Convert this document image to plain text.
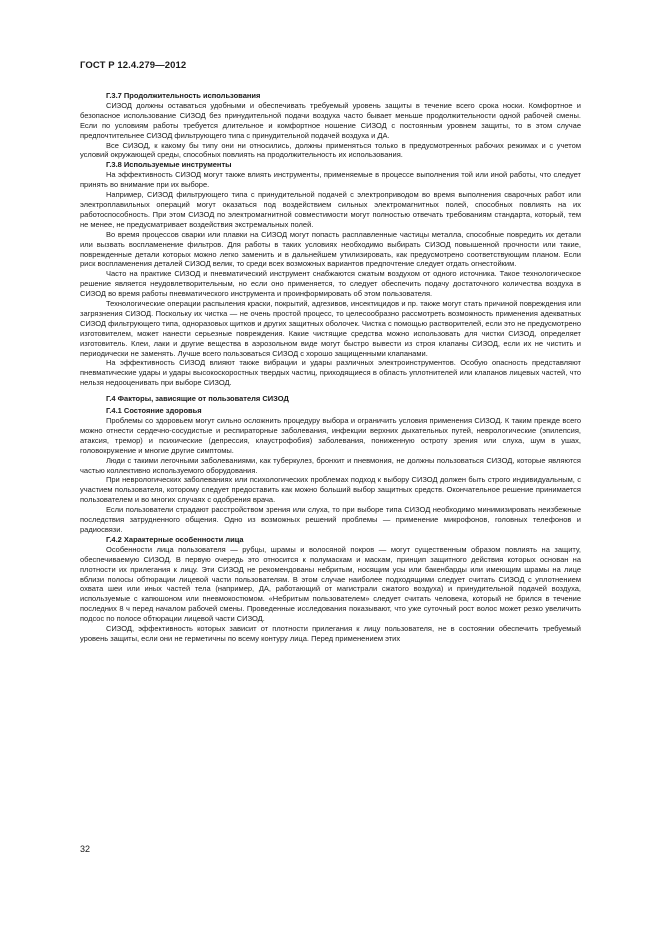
ГОСТ Р 12.4.279—2012

Г.3.7 Продолжительность использования

СИЗОД должны оставаться удобными и обеспечивать требуемый уровень защиты в течение всего срока носки. Комфортное и безопасное использование СИЗОД без принудительной подачи воздуха часто бывает меньше продолжительности одной рабочей смены. Если по условиям работы требуется длительное и комфортное ношение СИЗОД с постоянным уровнем защиты, то в этом случае предпочтительнее СИЗОД фильтрующего типа с принудительной подачей воздуха и ДА.

Все СИЗОД, к какому бы типу они ни относились, должны применяться только в предусмотренных рабочих режимах и с учетом условий окружающей среды, способных повлиять на продолжительность их использования.

Г.3.8 Используемые инструменты

На эффективность СИЗОД могут также влиять инструменты, применяемые в процессе выполнения той или иной работы, что следует принять во внимание при их выборе.

Например, СИЗОД фильтрующего типа с принудительной подачей с электроприводом во время выполнения сварочных работ или электроплавильных операций могут оказаться под воздействием сильных электромагнитных полей, способных повлиять на их работоспособность. При этом СИЗОД по электромагнитной совместимости могут полностью отвечать требованиям стандарта, который, тем не менее, не предусматривает воздействия экстремальных полей.

Во время процессов сварки или плавки на СИЗОД могут попасть расплавленные частицы металла, способные повредить их детали или вызвать воспламенение фильтров. Для работы в таких условиях необходимо выбирать СИЗОД повышенной прочности или такие, поврежденные детали которых можно легко заменить и в дальнейшем утилизировать, как предусмотрено соответствующим планом. Если риск воспламенения деталей СИЗОД велик, то среди всех возможных вариантов предпочтение следует отдать огнестойким.

Часто на практике СИЗОД и пневматический инструмент снабжаются сжатым воздухом от одного источника. Такое технологическое решение является неудовлетворительным, но если оно применяется, то следует обеспечить подачу достаточного количества воздуха в СИЗОД во время работы пневматического инструмента и проинформировать об этом пользователя.

Технологические операции распыления краски, покрытий, адгезивов, инсектицидов и пр. также могут стать причиной повреждения или загрязнения СИЗОД. Поскольку их чистка — не очень простой процесс, то целесообразно рассмотреть возможность применения адекватных СИЗОД фильтрующего типа, одноразовых щитков и других защитных оболочек. Чистка с помощью растворителей, если это не предусмотрено изготовителем, может нанести серьезные повреждения. Какие чистящие средства можно использовать для чистки СИЗОД, определяет изготовитель. Клеи, лаки и другие вещества в аэрозольном виде могут быстро вывести из строя клапаны СИЗОД, если их не чистить и периодически не заменять. Лучше всего пользоваться СИЗОД с хорошо защищенными клапанами.

На эффективность СИЗОД влияют также вибрации и удары различных электроинструментов. Особую опасность представляют пневматические удары и удары высокоскоростных твердых частиц, приходящиеся в область уплотнителей или клапанов лицевых частей, что нельзя недооценивать при выборе СИЗОД.

Г.4 Факторы, зависящие от пользователя СИЗОД

Г.4.1 Состояние здоровья

Проблемы со здоровьем могут сильно осложнить процедуру выбора и ограничить условия применения СИЗОД. К таким прежде всего можно отнести сердечно-сосудистые и респираторные заболевания, инфекции верхних дыхательных путей, неврологические (эпилепсия, атаксия, тремор) и психические (депрессия, клаустрофобия) заболевания, пониженную остроту зрения или слуха, шум в ушах, головокружение и многие другие симптомы.

Люди с такими легочными заболеваниями, как туберкулез, бронхит и пневмония, не должны пользоваться СИЗОД, которые являются частью коллективно используемого оборудования.

При неврологических заболеваниях или психологических проблемах подход к выбору СИЗОД должен быть строго индивидуальным, с участием пользователя, которому следует предоставить как можно больший выбор защитных средств. Окончательное решение принимается пользователем и во многих случаях с одобрения врача.

Если пользователи страдают расстройством зрения или слуха, то при выборе типа СИЗОД необходимо минимизировать неизбежные последствия затрудненного общения. Одно из возможных решений проблемы — применение микрофонов, головных телефонов и радиосвязи.

Г.4.2 Характерные особенности лица

Особенности лица пользователя — рубцы, шрамы и волосяной покров — могут существенным образом повлиять на защиту, обеспечиваемую СИЗОД. В первую очередь это относится к полумаскам и маскам, принцип защитного действия которых основан на плотности их прилегания к лицу. Эти СИЗОД не рекомендованы небритым, носящим усы или бакенбарды или имеющим шрамы на лице вблизи полосы обтюрации лицевой части пользователям. В этом случае наиболее подходящими следует считать СИЗОД с уплотнением охвата шеи или иных частей тела (например, ДА, работающий от магистрали сжатого воздуха) и принудительной подачей воздуха, используемые с капюшоном или пневмокостюмом. «Небритым пользователем» следует считать человека, который не брился в течение последних 8 ч перед началом рабочей смены. Проведенные исследования показывают, что уже суточный рост волос может резко увеличить подсос по полосе обтюрации лицевой части СИЗОД.

СИЗОД, эффективность которых зависит от плотности прилегания к лицу пользователя, не в состоянии обеспечить требуемый уровень защиты, если они не герметичны по всему контуру лица. Перед применением этих

32
